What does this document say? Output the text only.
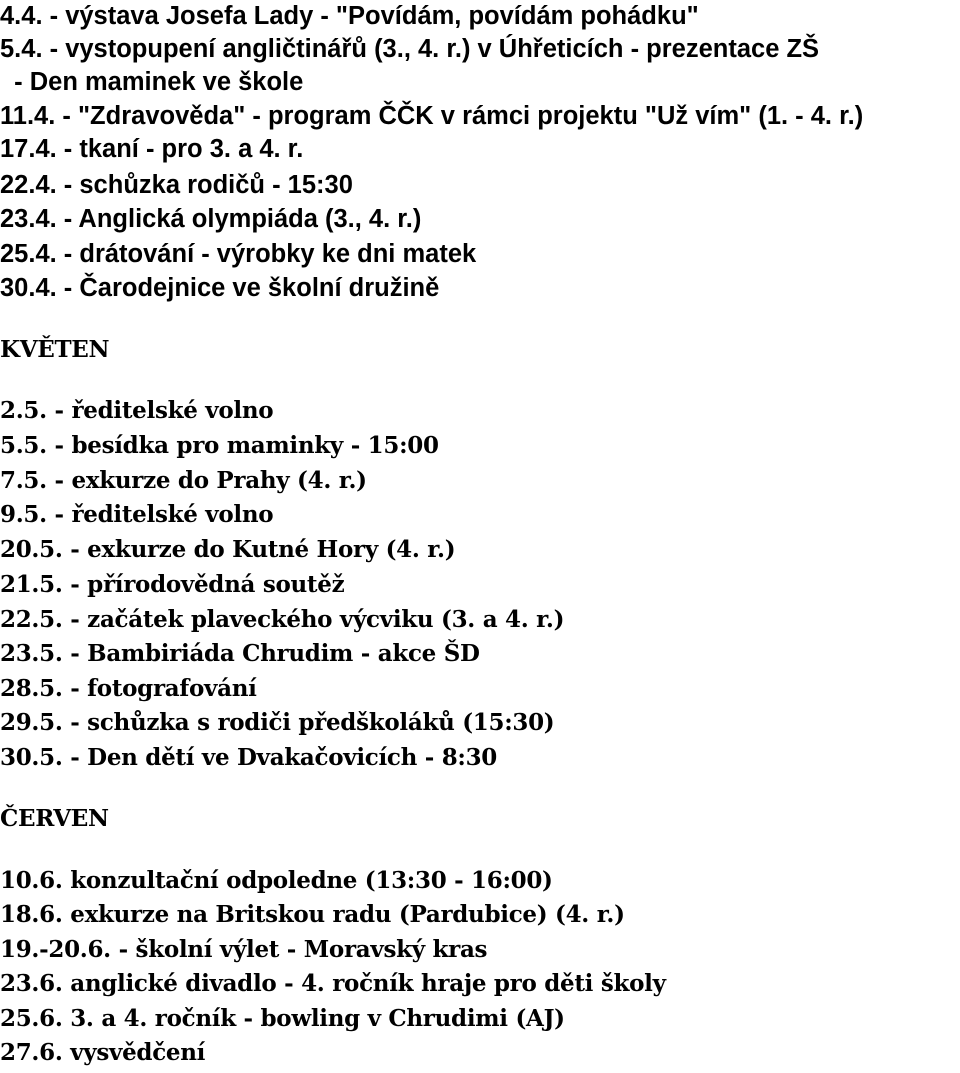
4.4. - výstava Josefa Lady - "Povídám, povídám pohádku"
5.4. - vystopupení angličtinářů (3., 4. r.) v Úhřeticích - prezentace ZŠ
- Den maminek ve škole
11.4. - "Zdravověda" - program ČČK v rámci projektu "Už vím" (1. - 4. r.)
17.4. - tkaní - pro 3. a 4. r.
22.4. - schůzka rodičů - 15:30
23.4. - Anglická olympiáda (3., 4. r.)
25.4. - drátování - výrobky ke dni matek
30.4. - Čarodejnice ve školní družině
KVĚTEN
2.5. - ředitelské volno
5.5. - besídka pro maminky - 15:00
7.5. - exkurze do Prahy (4. r.)
9.5. - ředitelské volno
20.5. - exkurze do Kutné Hory (4. r.)
21.5. - přírodovědná soutěž
22.5. - začátek plaveckého výcviku (3. a 4. r.)
23.5. - Bambiriáda Chrudim - akce ŠD
28.5. - fotografování
29.5. - schůzka s rodiči předškoláků (15:30)
30.5. - Den dětí ve Dvakačovicích - 8:30
ČERVEN
10.6. konzultační odpoledne (13:30 - 16:00)
18.6. exkurze na Britskou radu (Pardubice) (4. r.)
19.-20.6. - školní výlet - Moravský kras
23.6. anglické divadlo - 4. ročník hraje pro děti školy
25.6. 3. a 4. ročník - bowling v Chrudimi (AJ)
27.6. vysvědčení
